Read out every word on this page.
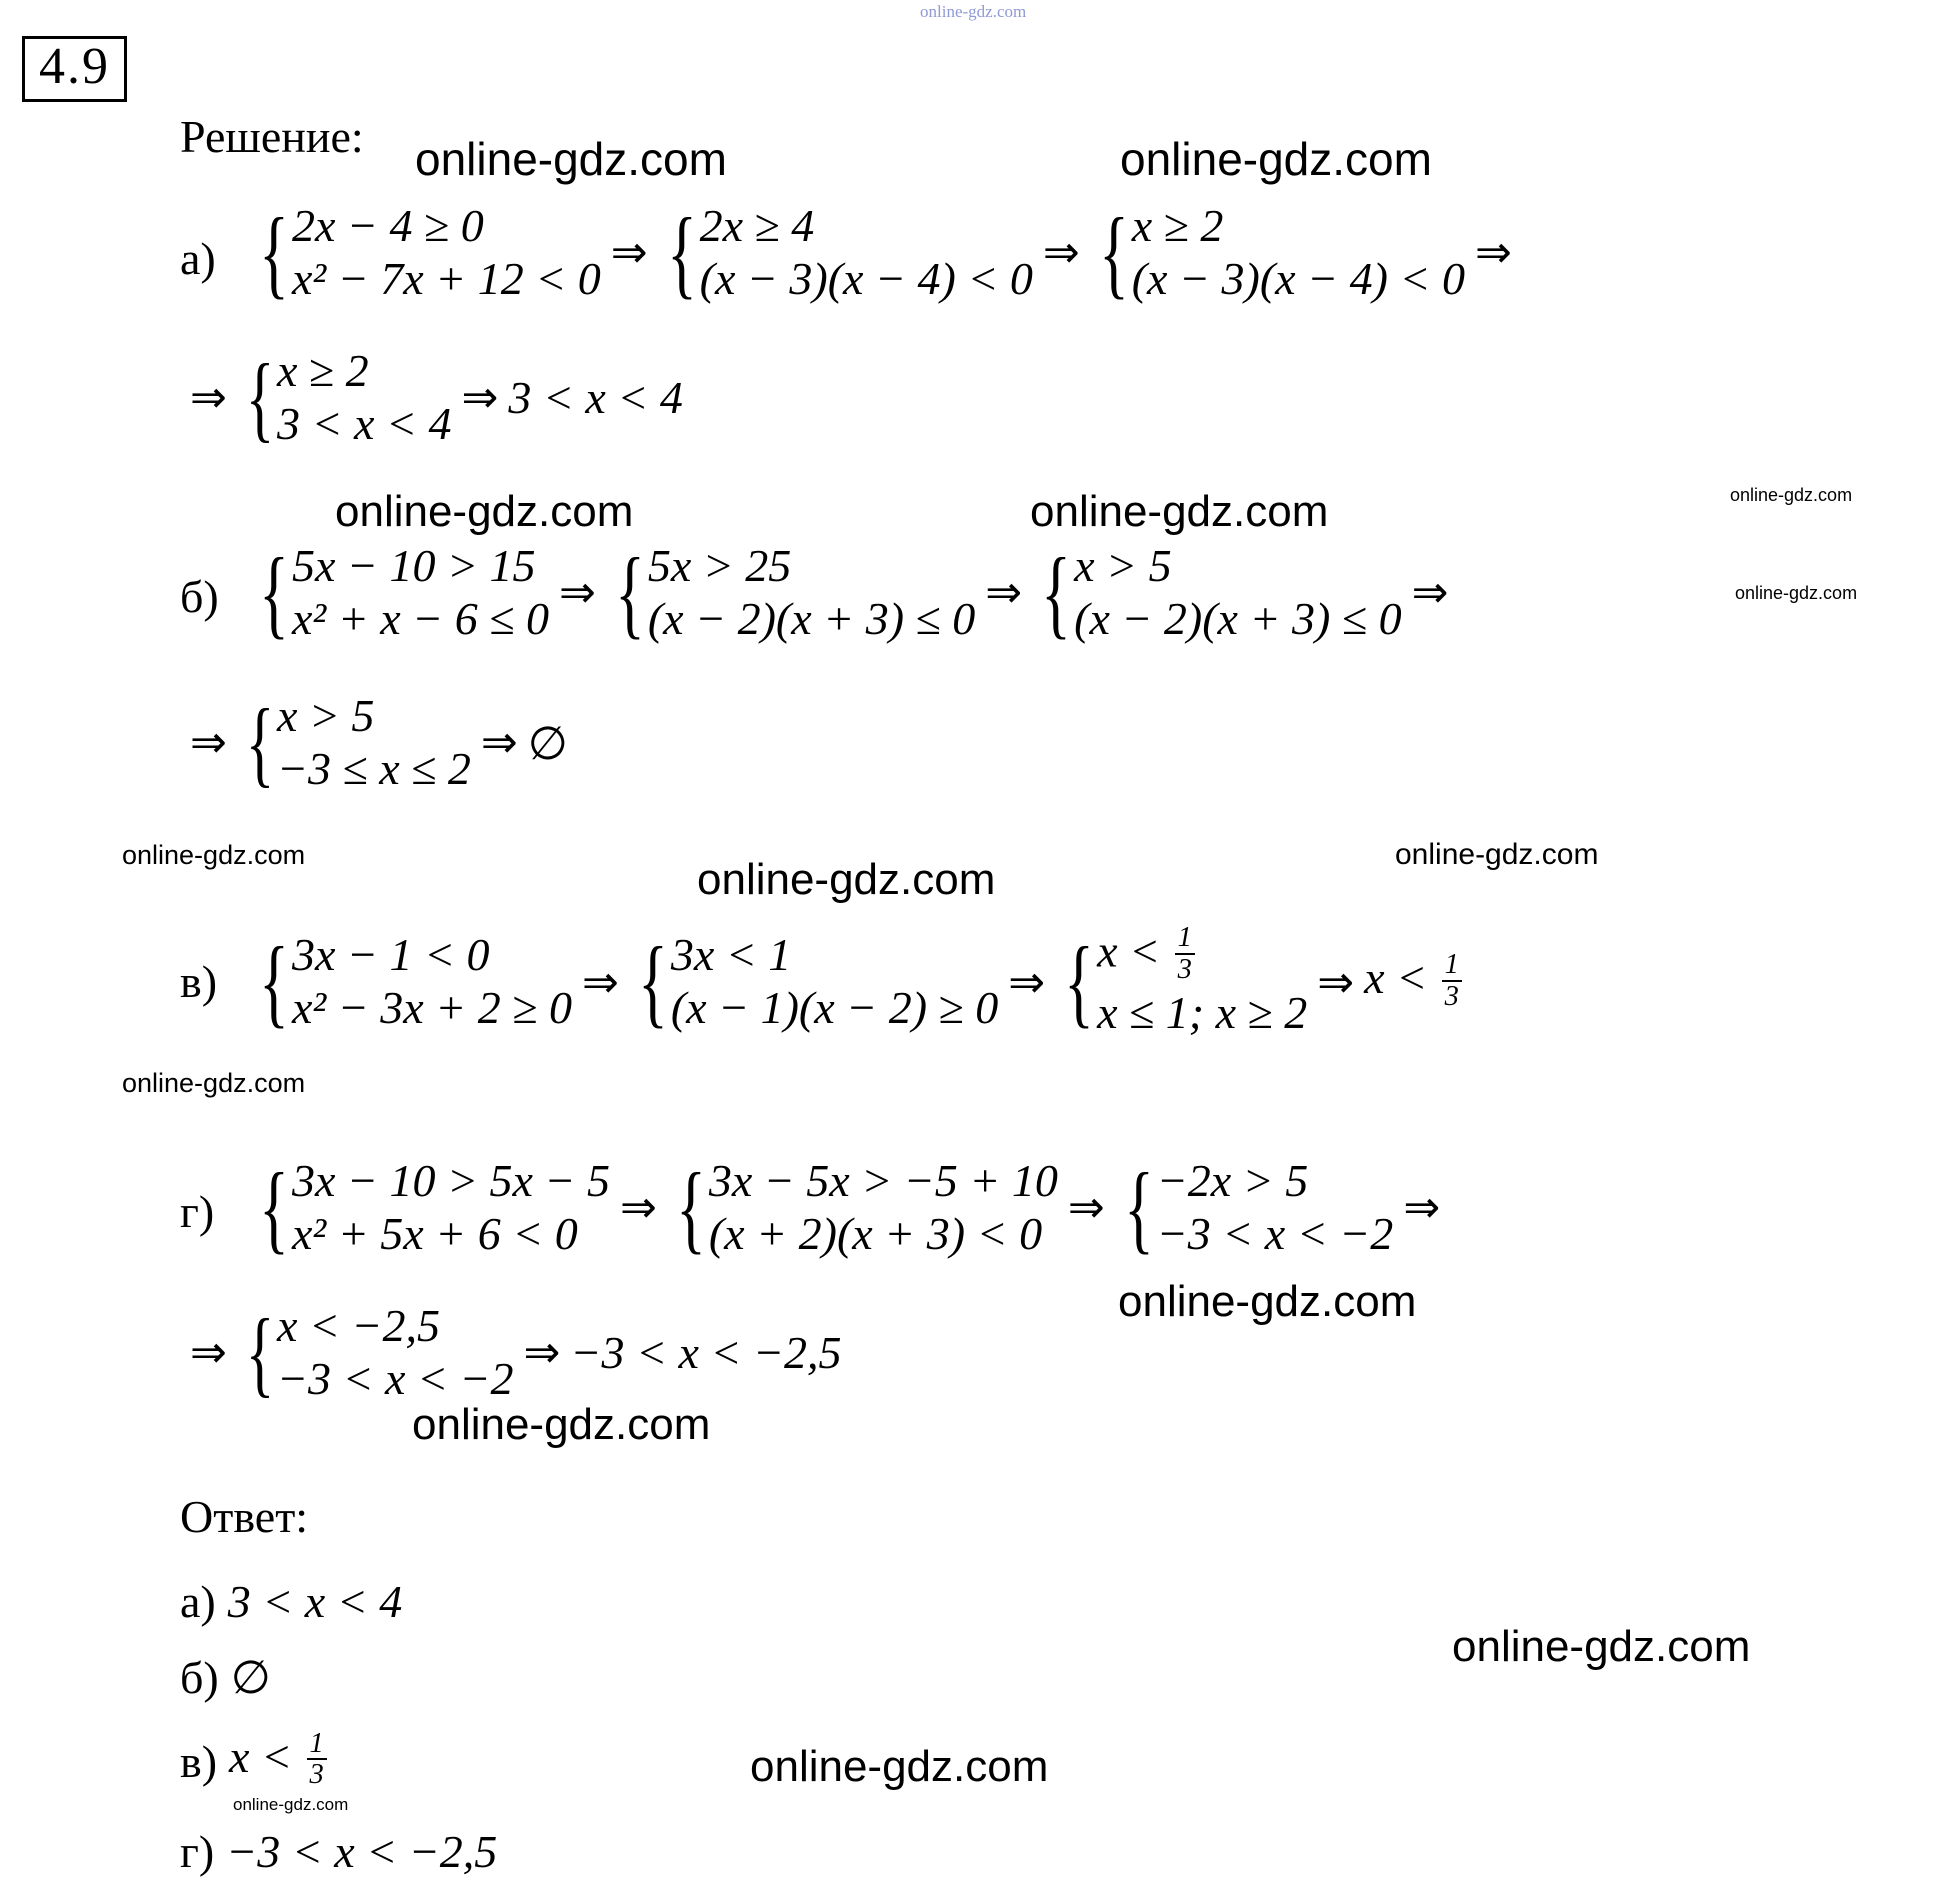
online-gdz.com
online-gdz.com	online-gdz.com
online-gdz.com	online-gdz.com	online-gdz.com
online-gdz.com
online-gdz.com	online-gdz.com
online-gdz.com
online-gdz.com
online-gdz.com
online-gdz.com
online-gdz.com
online-gdz.com
online-gdz.com
4.9
Решение:
а) { 2x − 4 ≥ 0
x² − 7x + 12 < 0 ⇒ { 2x ≥ 4
(x − 3)(x − 4) < 0 ⇒ { x ≥ 2
(x − 3)(x − 4) < 0 ⇒
⇒ { x ≥ 2
3 < x < 4 ⇒ 3 < x < 4
б) { 5x − 10 > 15
x² + x − 6 ≤ 0 ⇒ { 5x > 25
(x − 2)(x + 3) ≤ 0 ⇒ { x > 5
(x − 2)(x + 3) ≤ 0 ⇒
⇒ { x > 5
−3 ≤ x ≤ 2 ⇒ ∅
в) { 3x − 1 < 0
x² − 3x + 2 ≥ 0 ⇒ { 3x < 1
(x − 1)(x − 2) ≥ 0 ⇒ { $x < \frac{1}{3}$
x ≤ 1; x ≥ 2
⇒ $x < \frac{1}{3}$
г) { 3x − 10 > 5x − 5
x² + 5x + 6 < 0 ⇒ { 3x − 5x > −5 + 10
(x + 2)(x + 3) < 0 ⇒ { −2x > 5
−3 < x < −2 ⇒
⇒ { x < −2,5
−3 < x < −2 ⇒ −3 < x < −2,5
Ответ:
а) 3 < x < 4
б) ∅
в) $x < \frac{1}{3}$
г) −3 < x < −2,5
